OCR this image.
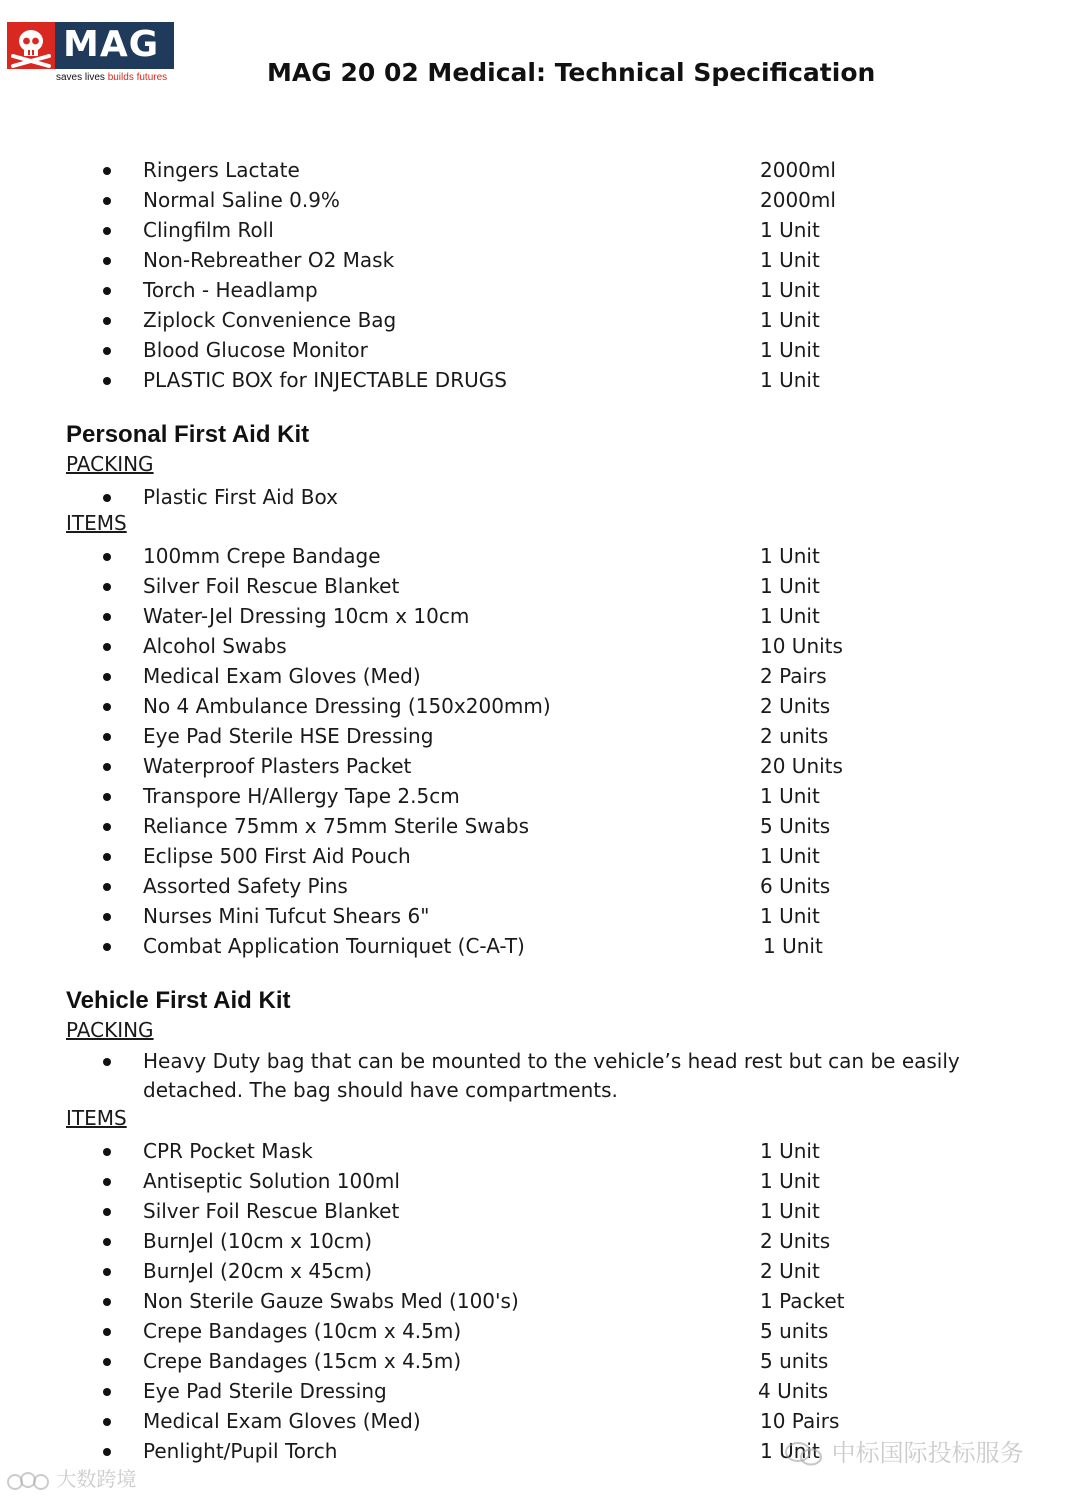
MAG
saves lives builds futures	MAG 20 02 Medical: Technical Specification
Ringers Lactate	2000ml
Normal Saline 0.9%	2000ml
Clingfilm Roll	1 Unit
Non-Rebreather O2 Mask	1 Unit
Torch - Headlamp	1 Unit
Ziplock Convenience Bag	1 Unit
Blood Glucose Monitor	1 Unit
PLASTIC BOX for INJECTABLE DRUGS	1 Unit
Personal First Aid Kit
PACKING
Plastic First Aid Box
ITEMS
100mm Crepe Bandage	1 Unit
Silver Foil Rescue Blanket	1 Unit
Water-Jel Dressing 10cm x 10cm	1 Unit
Alcohol Swabs	10 Units
Medical Exam Gloves (Med)	2 Pairs
No 4 Ambulance Dressing (150x200mm)	2 Units
Eye Pad Sterile HSE Dressing	2 units
Waterproof Plasters Packet	20 Units
Transpore H/Allergy Tape 2.5cm	1 Unit
Reliance 75mm x 75mm Sterile Swabs	5 Units
Eclipse 500 First Aid Pouch	1 Unit
Assorted Safety Pins	6 Units
Nurses Mini Tufcut Shears 6"	1 Unit
Combat Application Tourniquet (C-A-T)	1 Unit
Vehicle First Aid Kit
PACKING
Heavy Duty bag that can be mounted to the vehicle’s head rest but can be easily detached. The bag should have compartments.
ITEMS
CPR Pocket Mask	1 Unit
Antiseptic Solution 100ml	1 Unit
Silver Foil Rescue Blanket	1 Unit
BurnJel (10cm x 10cm)	2 Units
BurnJel (20cm x 45cm)	2 Unit
Non Sterile Gauze Swabs Med (100's)	1 Packet
Crepe Bandages (10cm x 4.5m)	5 units
Crepe Bandages (15cm x 4.5m)	5 units
Eye Pad Sterile Dressing	4 Units
Medical Exam Gloves (Med)	10 Pairs
Penlight/Pupil Torch	1 Unit 中标国际投标服务
大数跨境
